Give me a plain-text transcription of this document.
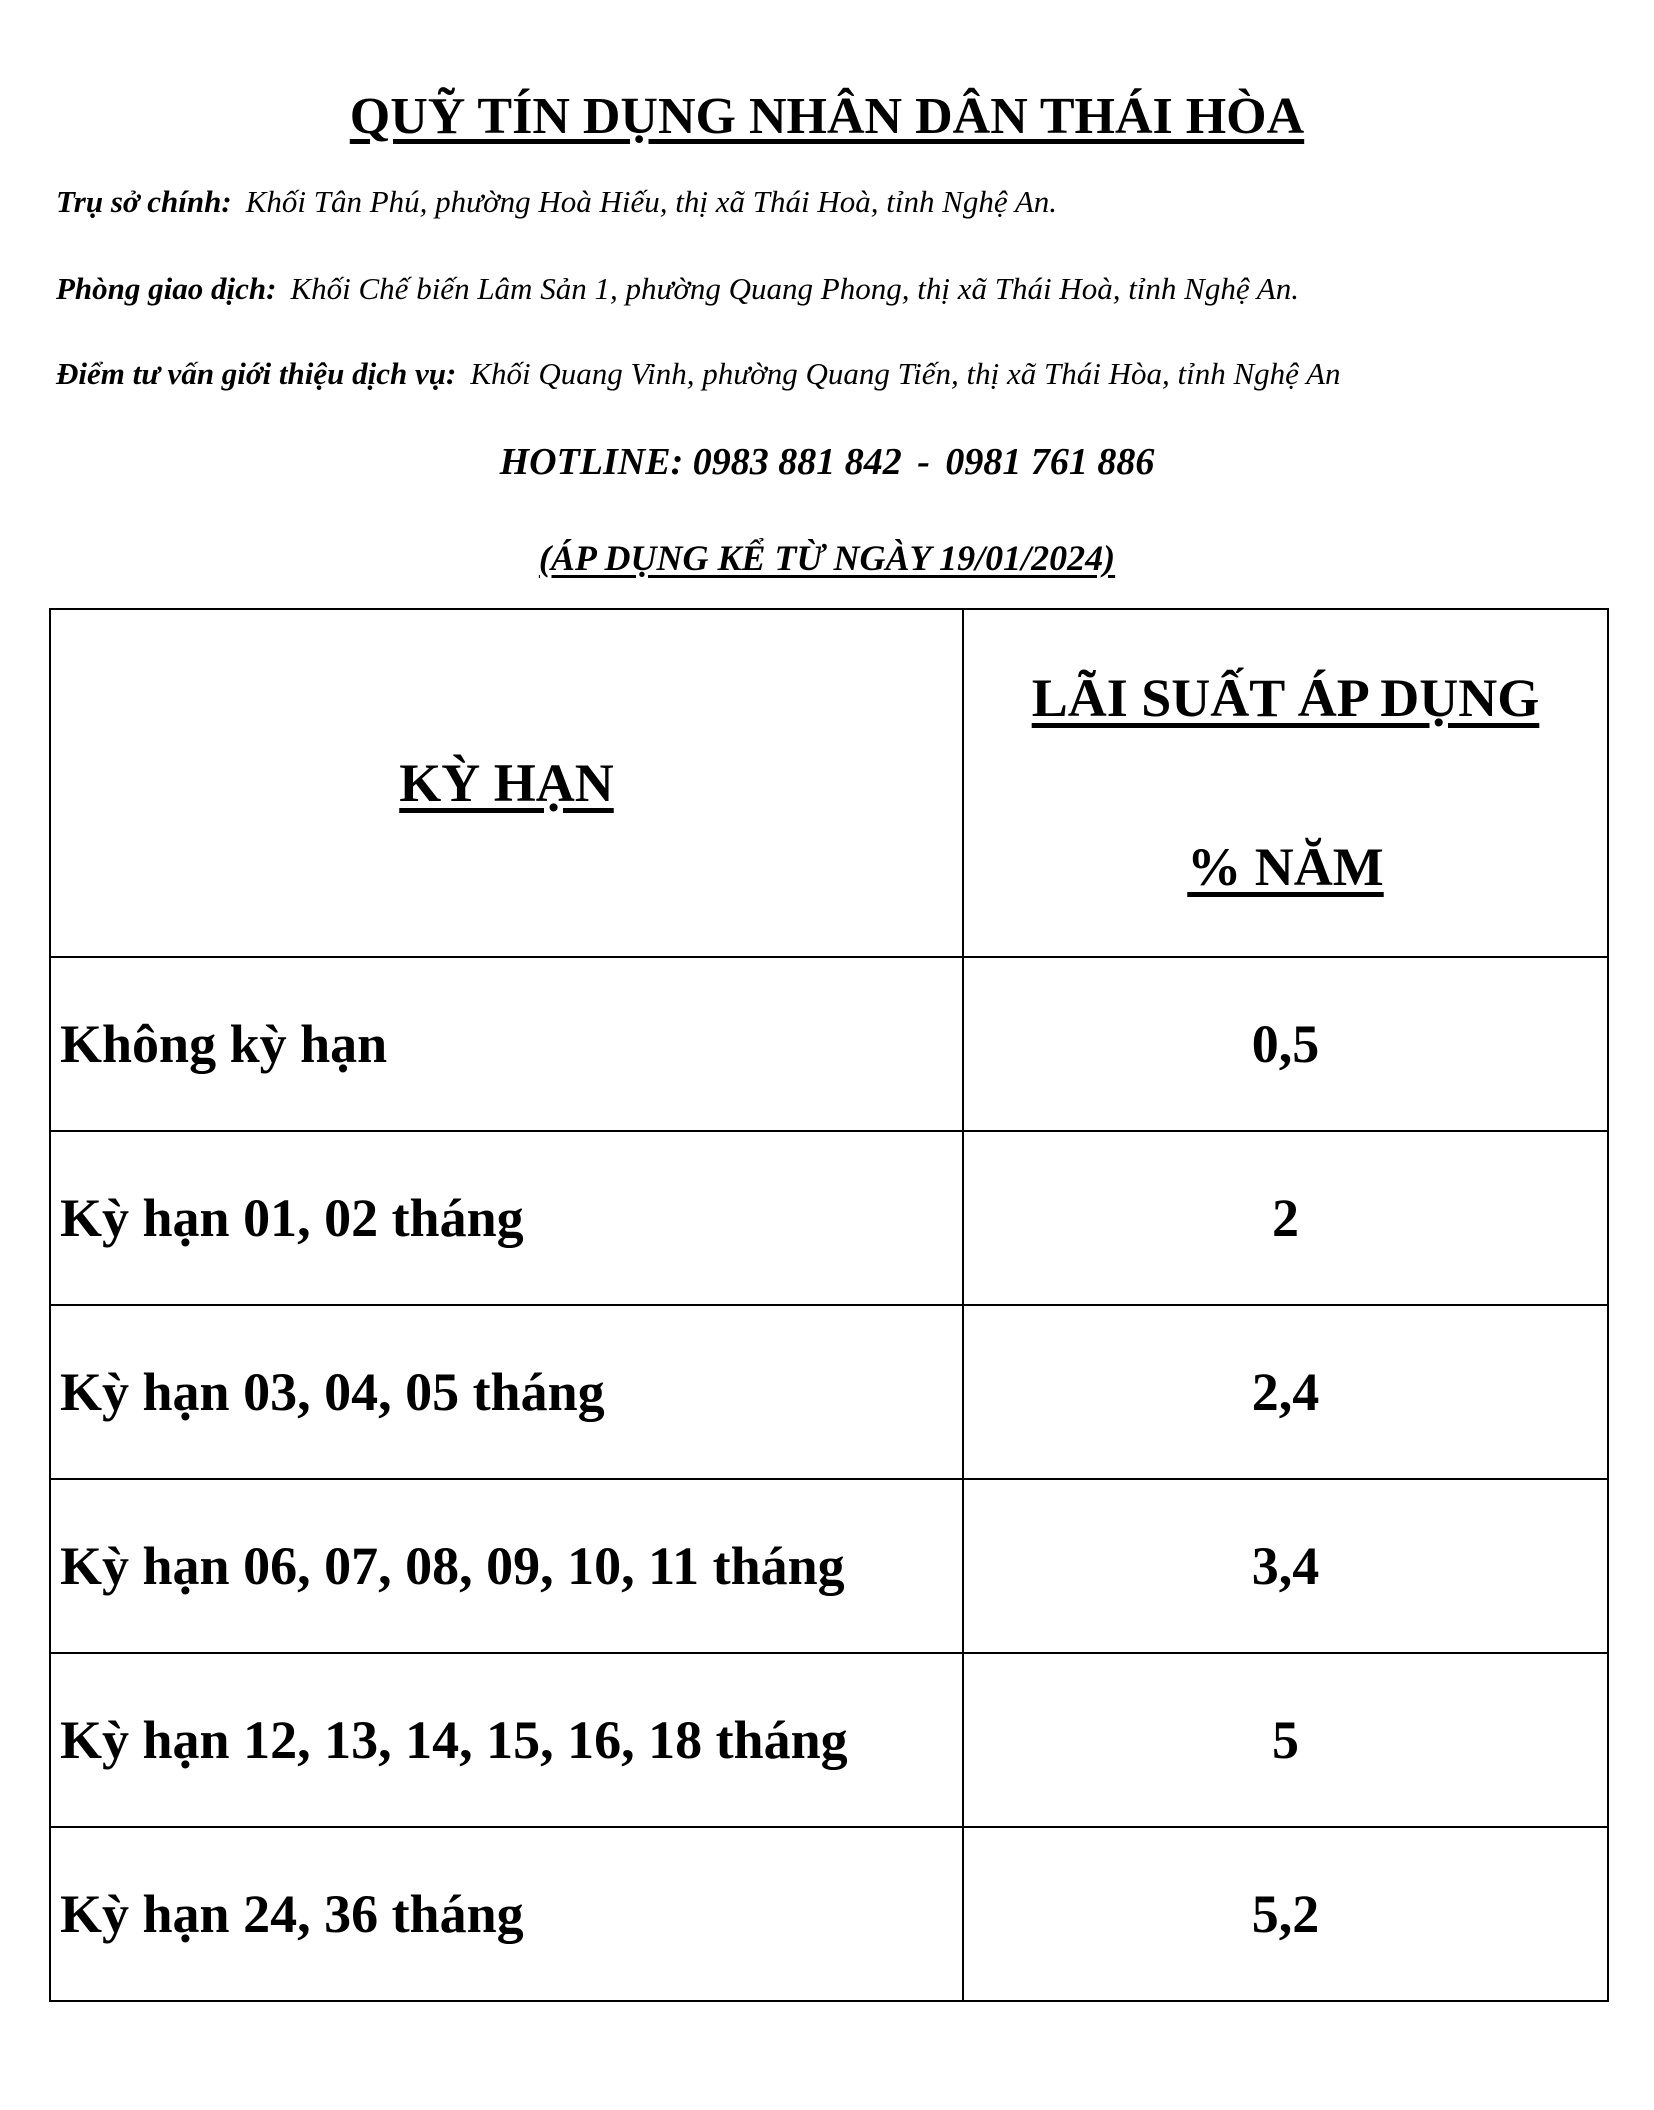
QUỸ TÍN DỤNG NHÂN DÂN THÁI HÒA
Trụ sở chính: Khối Tân Phú, phường Hoà Hiếu, thị xã Thái Hoà, tỉnh Nghệ An.
Phòng giao dịch: Khối Chế biến Lâm Sản 1, phường Quang Phong, thị xã Thái Hoà, tỉnh Nghệ An.
Điểm tư vấn giới thiệu dịch vụ: Khối Quang Vinh, phường Quang Tiến, thị xã Thái Hòa, tỉnh Nghệ An
HOTLINE: 0983 881 842 - 0981 761 886
(ÁP DỤNG KỂ TỪ NGÀY 19/01/2024)
KỲ HẠN	LÃI SUẤT ÁP DỤNG
% NĂM

Không kỳ hạn	0,5
Kỳ hạn 01, 02 tháng	2
Kỳ hạn 03, 04, 05 tháng	2,4
Kỳ hạn 06, 07, 08, 09, 10, 11 tháng	3,4
Kỳ hạn 12, 13, 14, 15, 16, 18 tháng	5
Kỳ hạn 24, 36 tháng	5,2
